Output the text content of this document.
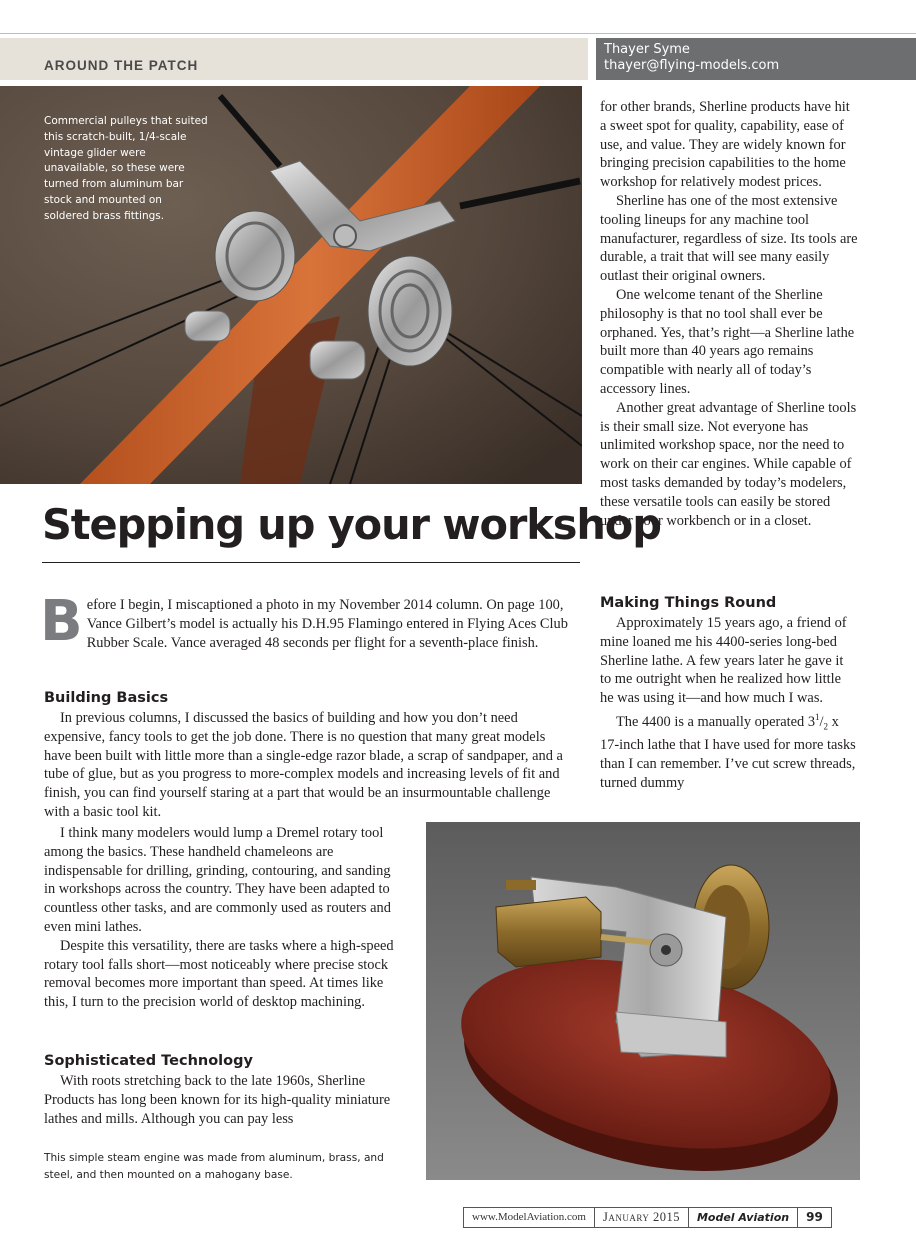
AROUND THE PATCH
Thayer Syme
thayer@flying-models.com
Commercial pulleys that suited this scratch-built, 1/4-scale vintage glider were unavailable, so these were turned from aluminum bar stock and mounted on soldered brass fittings.
Stepping up your workshop

Before I begin, I miscaptioned a photo in my November 2014 column. On page 100, Vance Gilbert’s model is actually his D.H.95 Flamingo entered in Flying Aces Club Rubber Scale. Vance averaged 48 seconds per flight for a seventh-place finish.

Building Basics

In previous columns, I discussed the basics of building and how you don’t need expensive, fancy tools to get the job done. There is no question that many great models have been built with little more than a single-edge razor blade, a scrap of sandpaper, and a tube of glue, but as you progress to more-complex models and increasing levels of fit and finish, you can find yourself staring at a part that would be an insurmountable challenge with a basic tool kit.

I think many modelers would lump a Dremel rotary tool among the basics. These handheld chameleons are indispensable for drilling, grinding, contouring, and sanding in workshops across the country. They have been adapted to countless other tasks, and are commonly used as routers and even mini lathes.

Despite this versatility, there are tasks where a high-speed rotary tool falls short—most noticeably where precise stock removal becomes more important than speed. At times like this, I turn to the precision world of desktop machining.

Sophisticated Technology

With roots stretching back to the late 1960s, Sherline Products has long been known for its high-quality miniature lathes and mills. Although you can pay less

for other brands, Sherline products have hit a sweet spot for quality, capability, ease of use, and value. They are widely known for bringing precision capabilities to the home workshop for relatively modest prices.

Sherline has one of the most extensive tooling lineups for any machine tool manufacturer, regardless of size. Its tools are durable, a trait that will see many easily outlast their original owners.

One welcome tenant of the Sherline philosophy is that no tool shall ever be orphaned. Yes, that’s right—a Sherline lathe built more than 40 years ago remains compatible with nearly all of today’s accessory lines.

Another great advantage of Sherline tools is their small size. Not everyone has unlimited workshop space, nor the need to work on their car engines. While capable of most tasks demanded by today’s modelers, these versatile tools can easily be stored under your workbench or in a closet.

Making Things Round

Approximately 15 years ago, a friend of mine loaned me his 4400-series long-bed Sherline lathe. A few years later he gave it to me outright when he realized how little he was using it—and how much I was.

The 4400 is a manually operated $3^1/_2$ x 17-inch lathe that I have used for more tasks than I can remember. I’ve cut screw threads, turned dummy

This simple steam engine was made from aluminum, brass, and steel, and then mounted on a mahogany base.
www.ModelAviation.com	January 2015	Model Aviation	99
